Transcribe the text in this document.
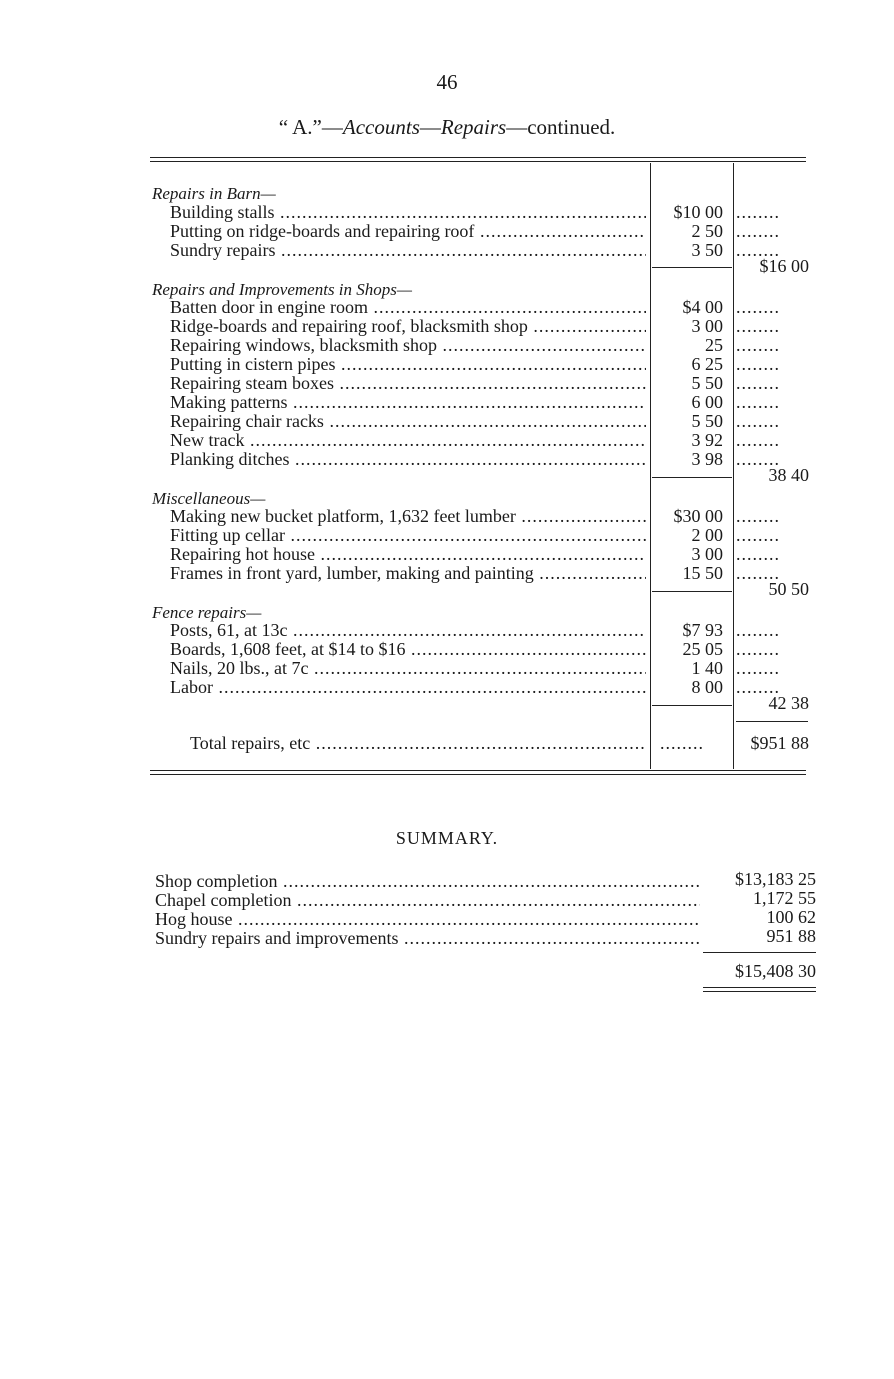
46
“ A.”—Accounts—Repairs—continued.
Repairs in Barn—
Building stalls .....	$10 00 ........
Putting on ridge-boards and repairing roof .....	2 50 ........
Sundry repairs .....	3 50 ........
$16 00
Repairs and Improvements in Shops—
Batten door in engine room .....	$4 00 ........
Ridge-boards and repairing roof, blacksmith shop .....	3 00 ........
Repairing windows, blacksmith shop .....	25 ........
Putting in cistern pipes .....	6 25 ........
Repairing steam boxes .....	5 50 ........
Making patterns .....	6 00 ........
Repairing chair racks .....	5 50 ........
New track .....	3 92 ........
Planking ditches .....	3 98 ........
38 40
Miscellaneous—
Making new bucket platform, 1,632 feet lumber .....	$30 00 ........
Fitting up cellar .....	2 00 ........
Repairing hot house .....	3 00 ........
Frames in front yard, lumber, making and painting .....	15 50 ........
50 50
Fence repairs—
Posts, 61, at 13c .....	$7 93 ........
Boards, 1,608 feet, at $14 to $16 .....	25 05 ........
Nails, 20 lbs., at 7c .....	1 40 ........
Labor .....	8 00 ........
42 38
Total repairs, etc .....	........	$951 88
SUMMARY.
Shop completion .....	$13,183 25
Chapel completion .....	1,172 55
Hog house .....	100 62
Sundry repairs and improvements .....	951 88
$15,408 30
